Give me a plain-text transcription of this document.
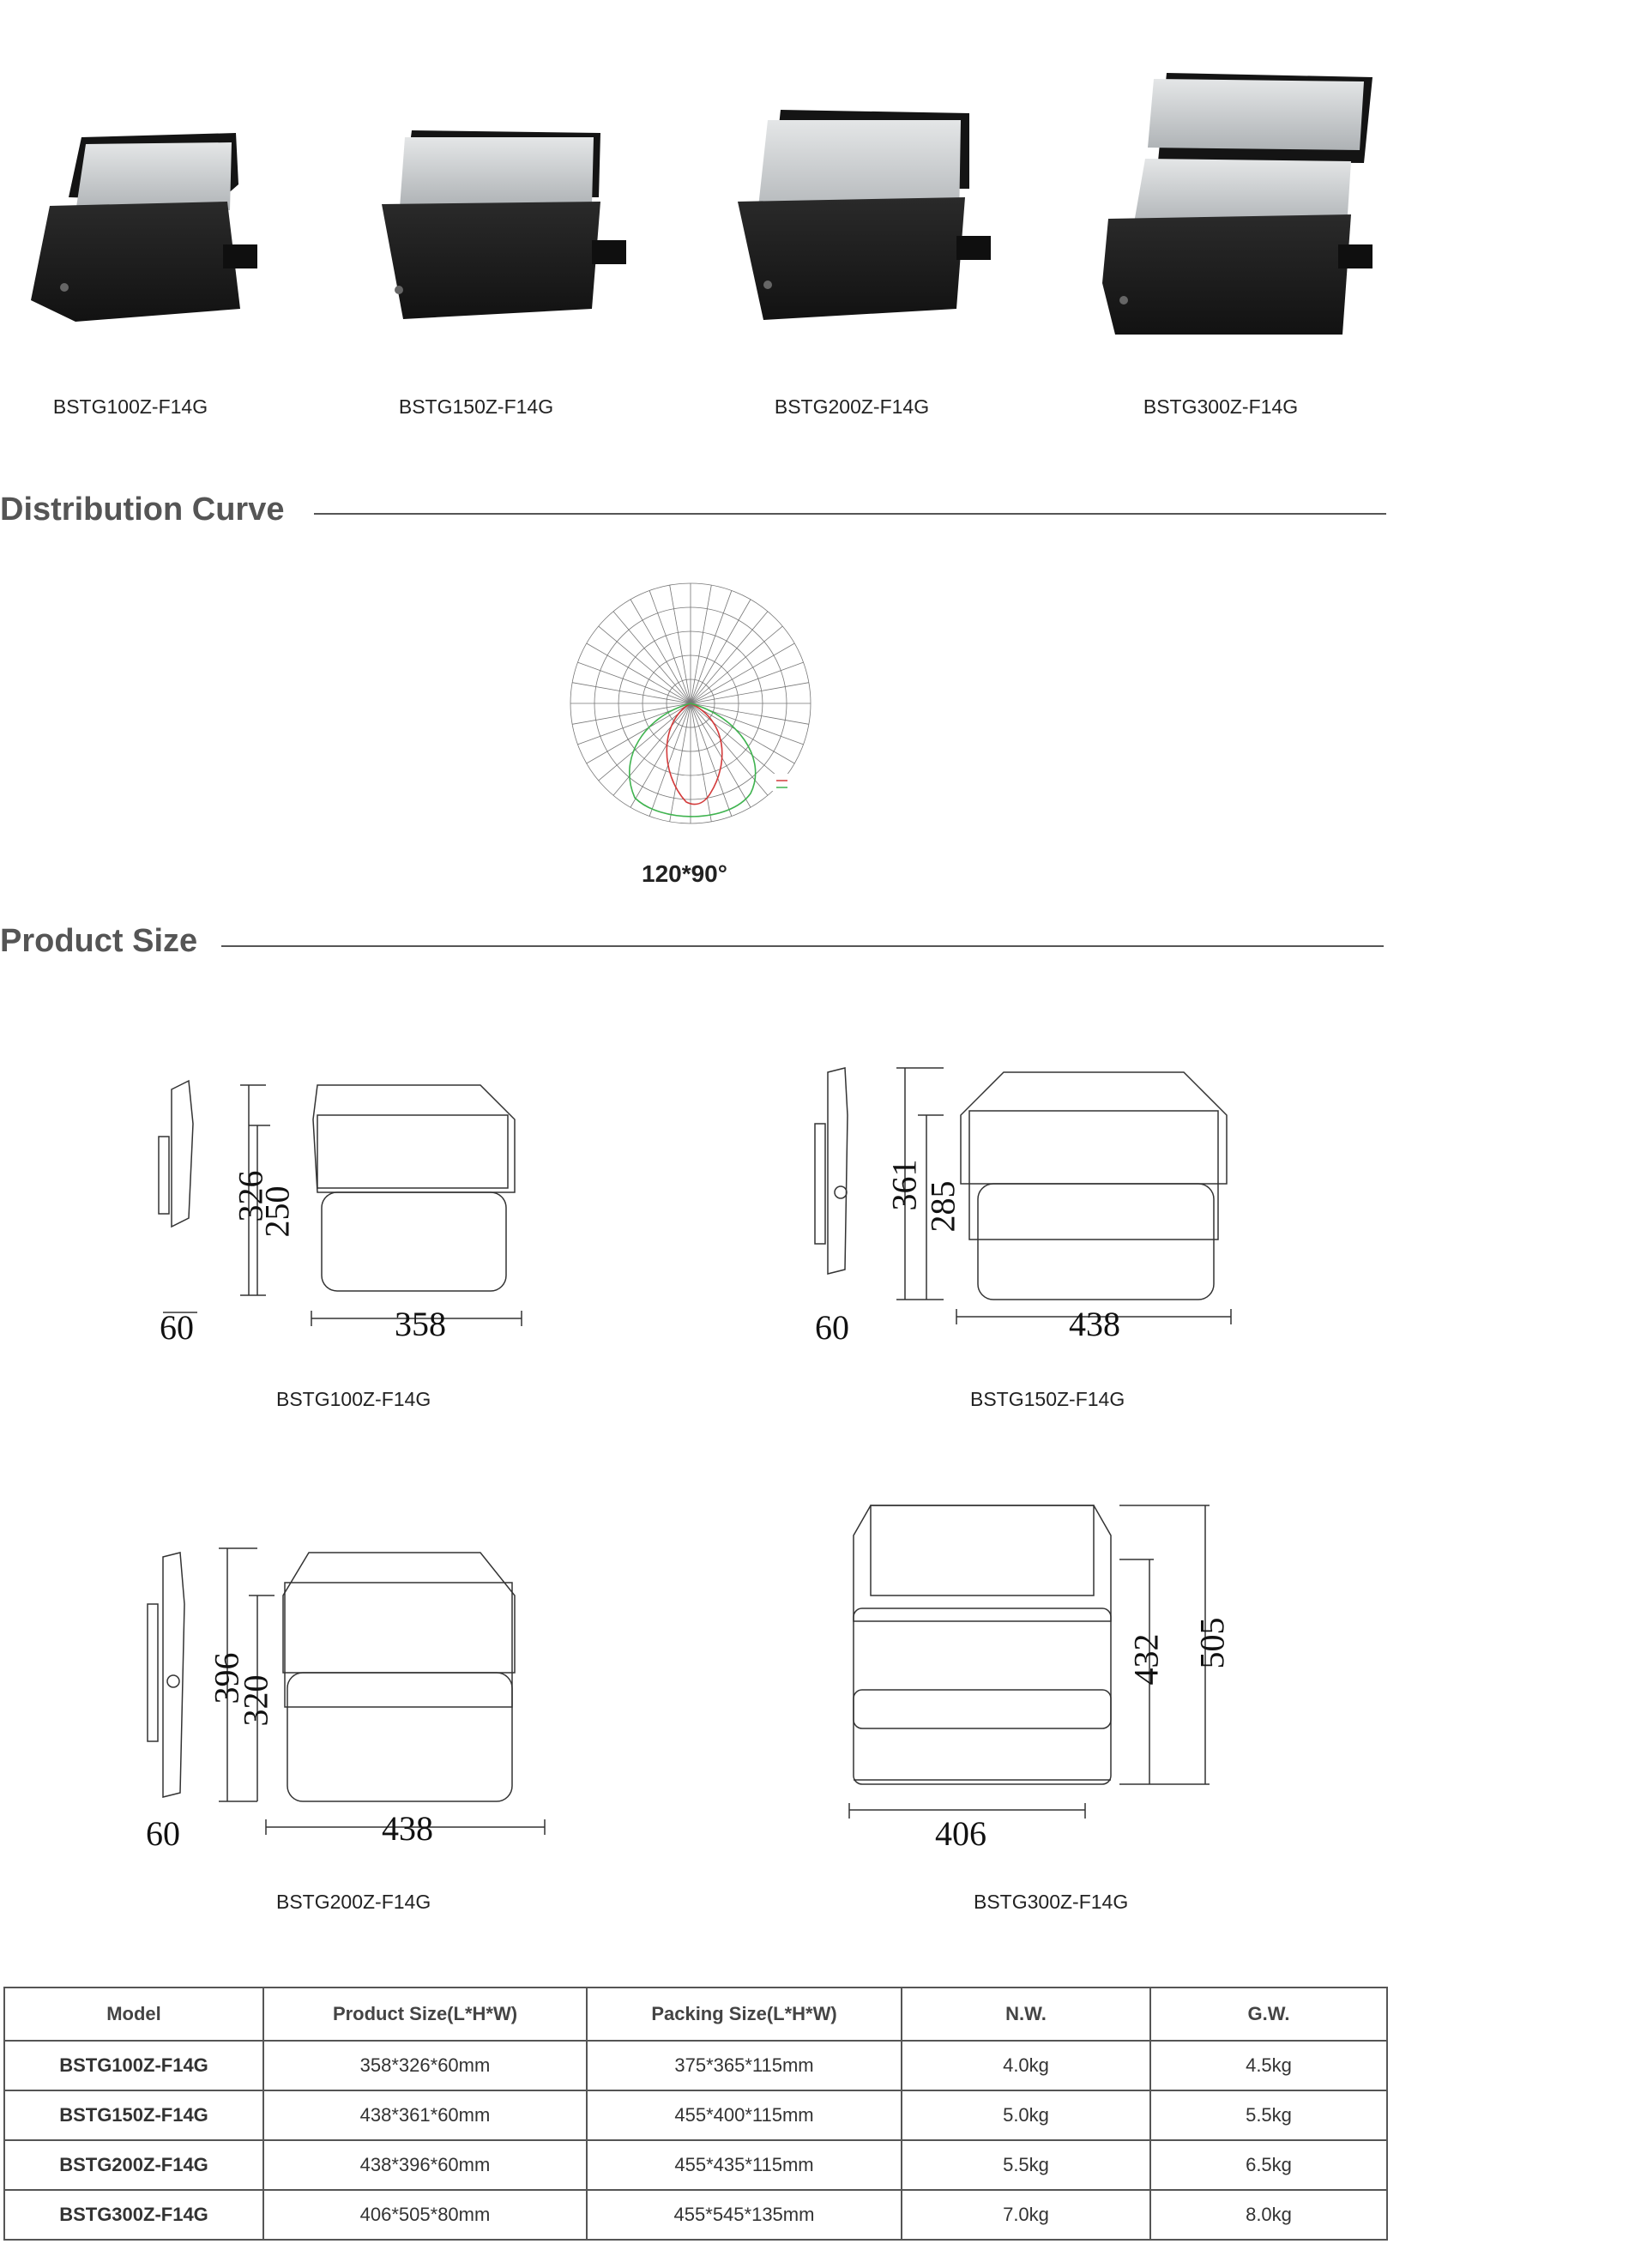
BSTG100Z-F14G	BSTG150Z-F14G	BSTG200Z-F14G	BSTG300Z-F14G
Distribution Curve
120*90°
Product Size
326
250
358
60
BSTG100Z-F14G
361 285
438
60
BSTG150Z-F14G
396
320
438
60
BSTG200Z-F14G
505
432
406
BSTG300Z-F14G
Model	Product Size(L*H*W)	Packing Size(L*H*W)	N.W.	G.W.
BSTG100Z-F14G	358*326*60mm	375*365*115mm	4.0kg	4.5kg
BSTG150Z-F14G	438*361*60mm	455*400*115mm	5.0kg	5.5kg
BSTG200Z-F14G	438*396*60mm	455*435*115mm	5.5kg	6.5kg
BSTG300Z-F14G	406*505*80mm	455*545*135mm	7.0kg	8.0kg
